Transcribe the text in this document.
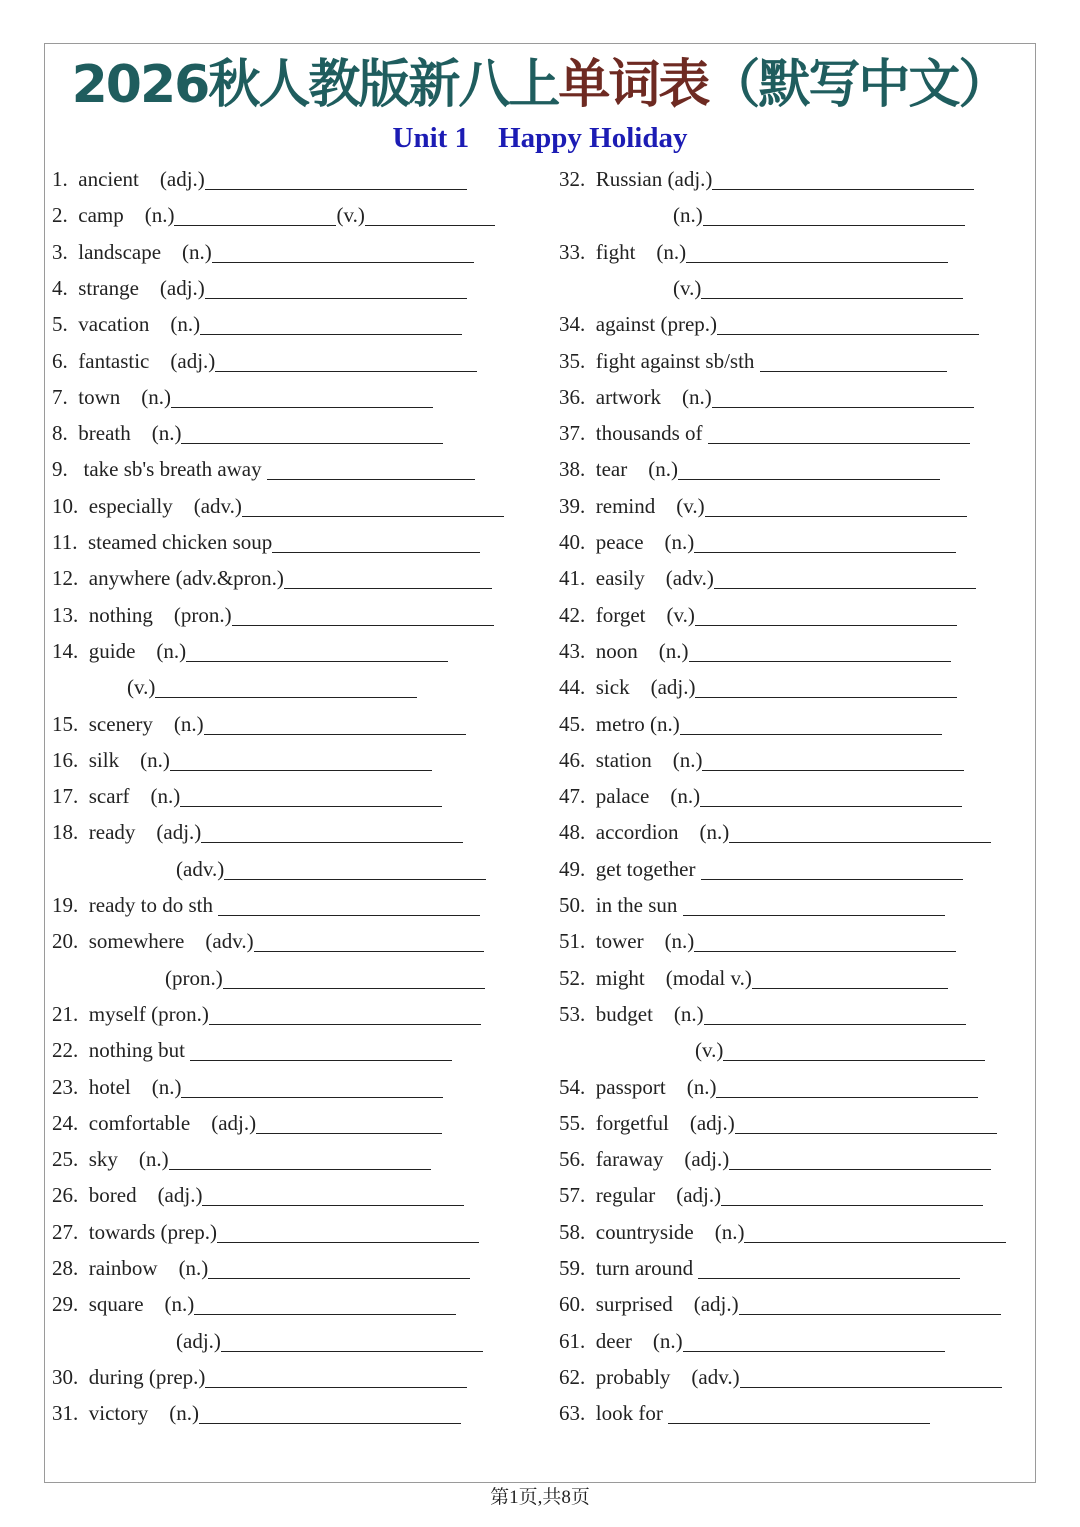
2026秋人教版新八上单词表（默写中文）
Unit 1    Happy Holiday
1.  ancient    (adj.)
2.  camp    (n.)	(v.)
3.  landscape    (n.)
4.  strange    (adj.)
5.  vacation    (n.)
6.  fantastic    (adj.)
7.  town    (n.)
8.  breath    (n.)
9.   take sb's breath away
10.  especially    (adv.)
11.  steamed chicken soup
12.  anywhere (adv.&pron.)
13.  nothing    (pron.)
14.  guide    (n.)
(v.)
15.  scenery    (n.)
16.  silk    (n.)
17.  scarf    (n.)
18.  ready    (adj.)
(adv.)
19.  ready to do sth
20.  somewhere    (adv.)
(pron.)
21.  myself (pron.)
22.  nothing but
23.  hotel    (n.)
24.  comfortable    (adj.)
25.  sky    (n.)
26.  bored    (adj.)
27.  towards (prep.)
28.  rainbow    (n.)
29.  square    (n.)
(adj.)
30.  during (prep.)
31.  victory    (n.)
32.  Russian (adj.)
(n.)
33.  fight    (n.)
(v.)
34.  against (prep.)
35.  fight against sb/sth
36.  artwork    (n.)
37.  thousands of
38.  tear    (n.)
39.  remind    (v.)
40.  peace    (n.)
41.  easily    (adv.)
42.  forget    (v.)
43.  noon    (n.)
44.  sick    (adj.)
45.  metro (n.)
46.  station    (n.)
47.  palace    (n.)
48.  accordion    (n.)
49.  get together
50.  in the sun
51.  tower    (n.)
52.  might    (modal v.)
53.  budget    (n.)
(v.)
54.  passport    (n.)
55.  forgetful    (adj.)
56.  faraway    (adj.)
57.  regular    (adj.)
58.  countryside    (n.)
59.  turn around
60.  surprised    (adj.)
61.  deer    (n.)
62.  probably    (adv.)
63.  look for
第1页,共8页
